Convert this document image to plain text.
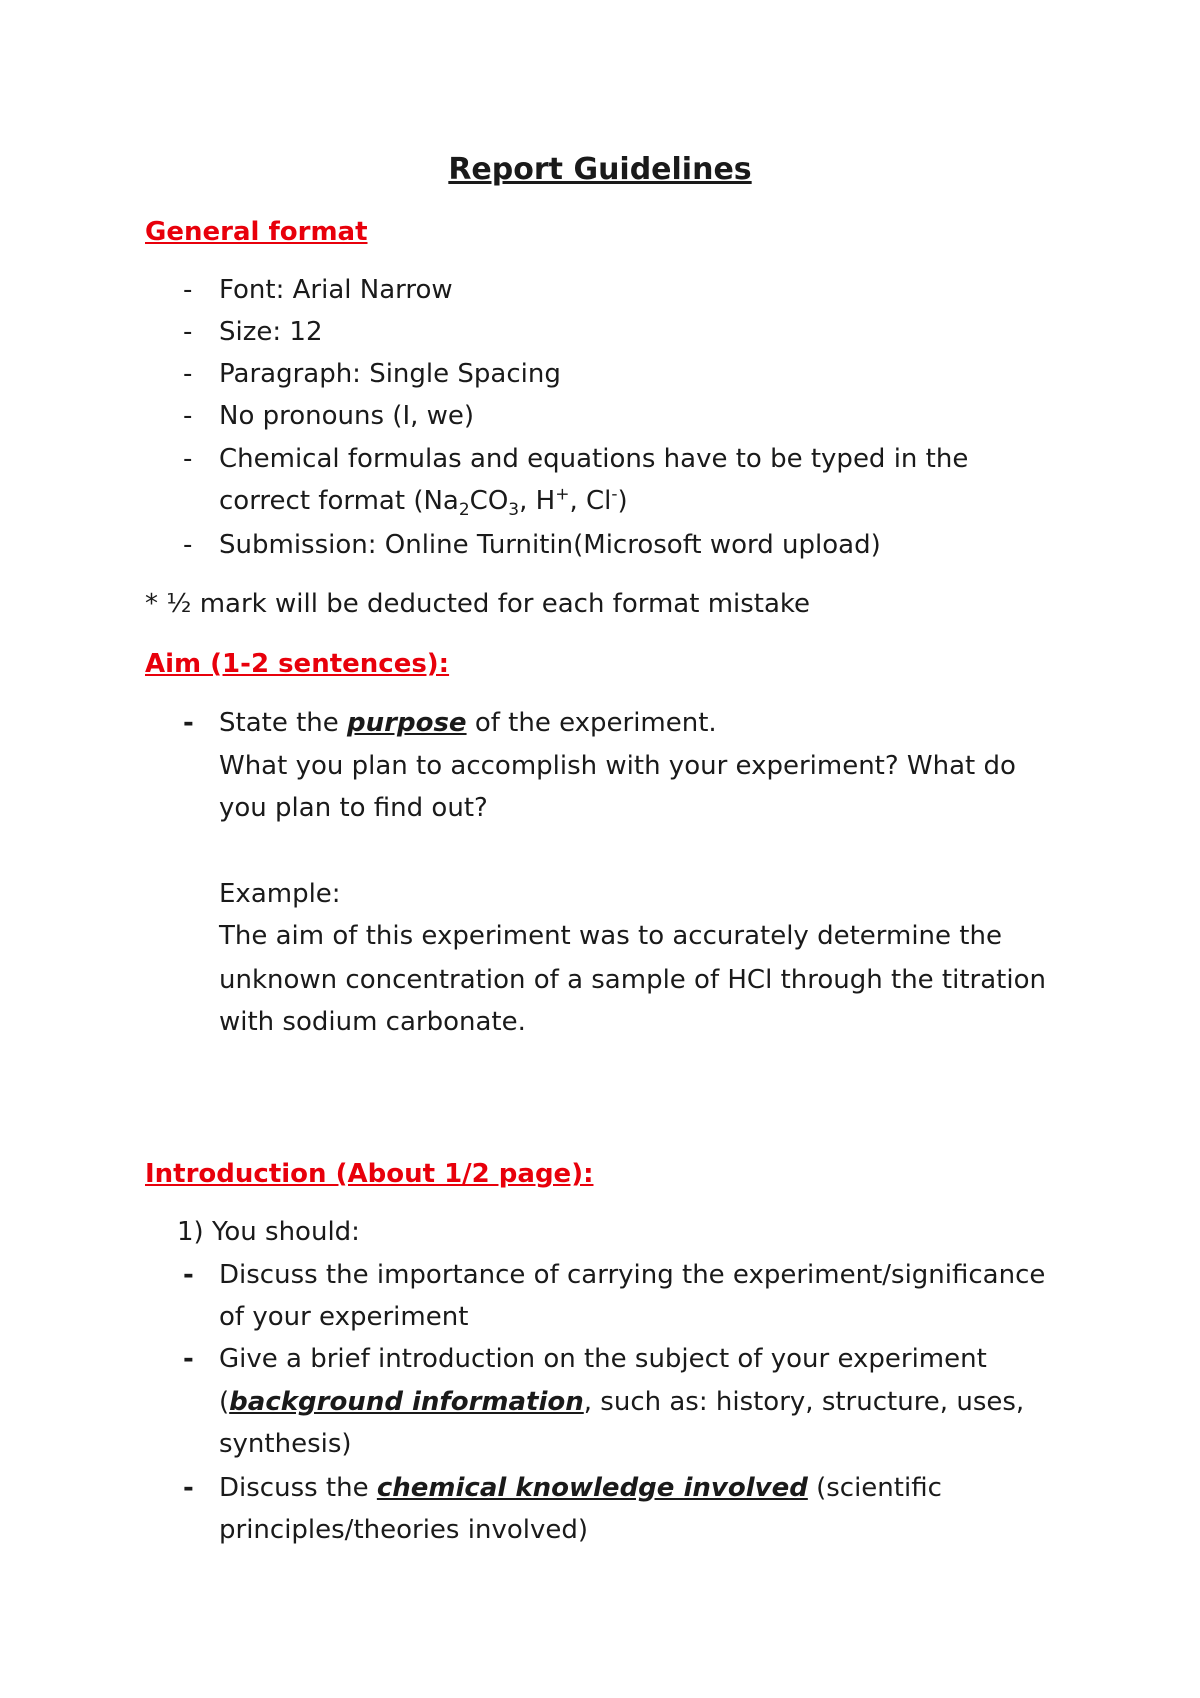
Report Guidelines
General format
- Font: Arial Narrow

- Size: 12

- Paragraph: Single Spacing

- No pronouns (I, we)

- Chemical formulas and equations have to be typed in the

correct format ($Na_2CO_3$, H+, Cl-)

- Submission: Online Turnitin(Microsoft word upload)

* ½ mark will be deducted for each format mistake

Aim (1-2 sentences):
- State the purpose of the experiment.

What you plan to accomplish with your experiment? What do

you plan to find out?

Example:

The aim of this experiment was to accurately determine the

unknown concentration of a sample of HCl through the titration

with sodium carbonate.

Introduction (About 1/2 page):

1) You should:

- Discuss the importance of carrying the experiment/significance

of your experiment

- Give a brief introduction on the subject of your experiment

(background information, such as: history, structure, uses,

synthesis)

- Discuss the chemical knowledge involved (scientific

principles/theories involved)
